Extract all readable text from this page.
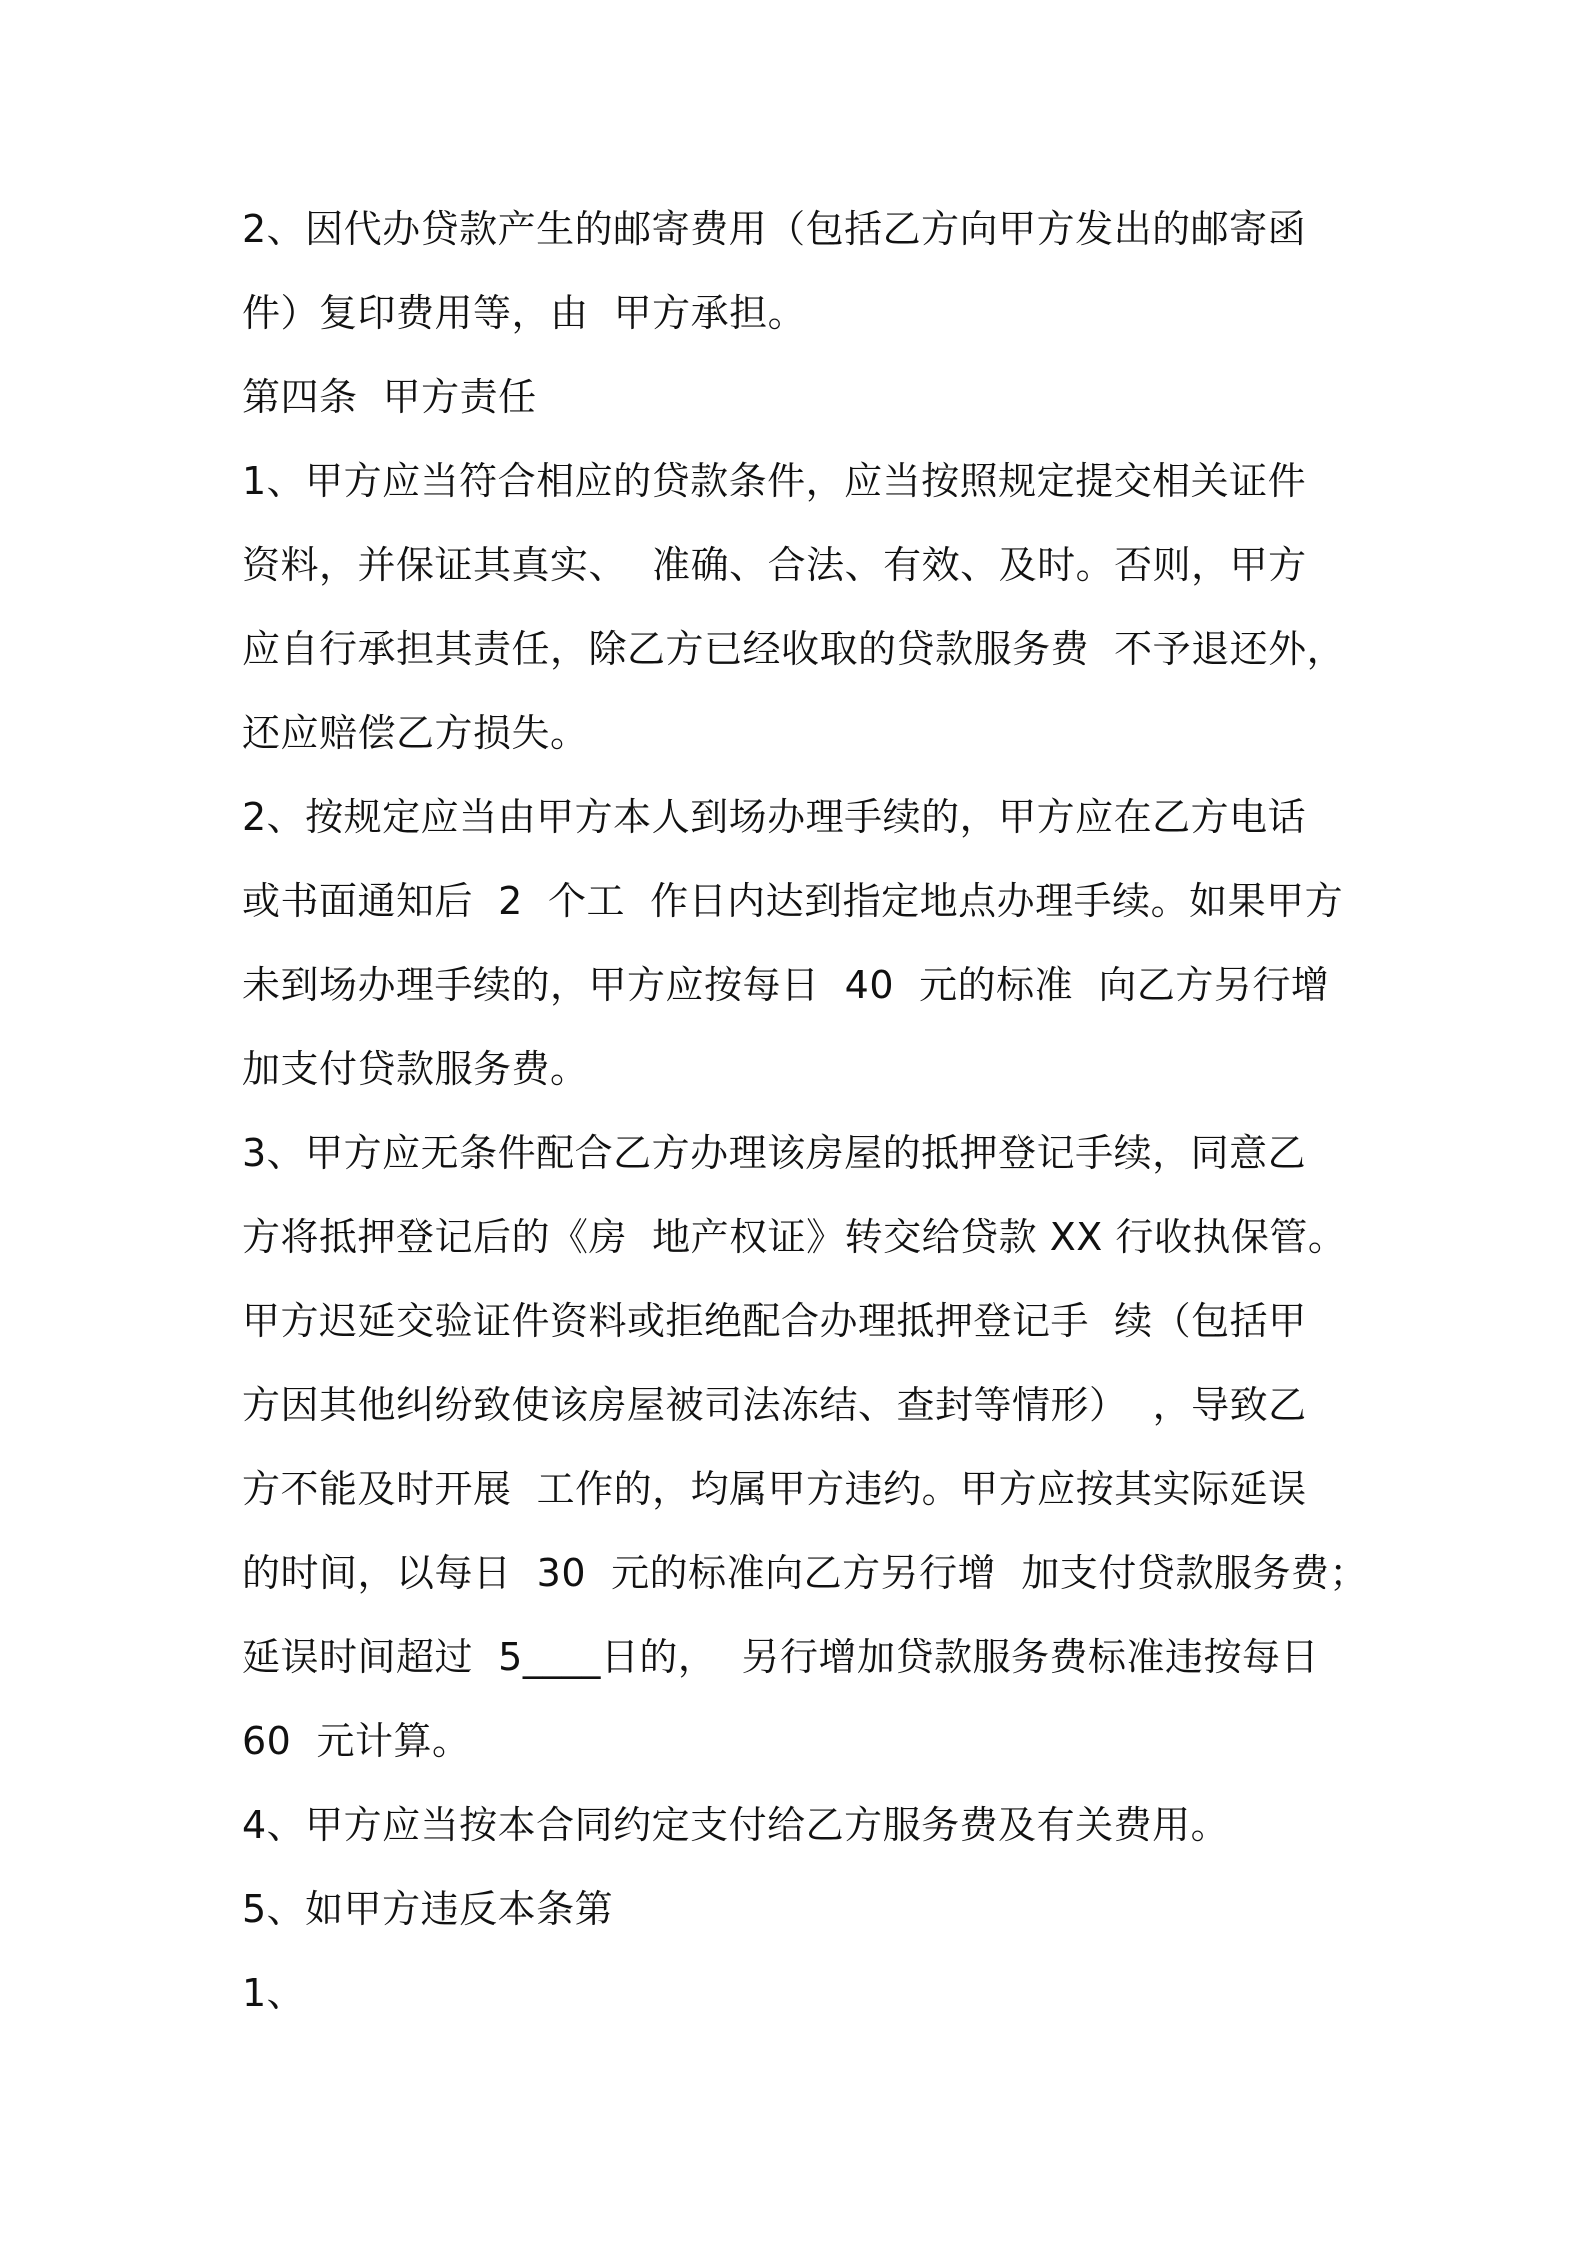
2、因代办贷款产生的邮寄费用（包括乙方向甲方发出的邮寄函

件）复印费用等，由  甲方承担。

第四条  甲方责任

1、甲方应当符合相应的贷款条件，应当按照规定提交相关证件

资料，并保证其真实、  准确、合法、有效、及时。否则，甲方

应自行承担其责任，除乙方已经收取的贷款服务费  不予退还外，

还应赔偿乙方损失。

2、按规定应当由甲方本人到场办理手续的，甲方应在乙方电话

或书面通知后  2  个工  作日内达到指定地点办理手续。如果甲方

未到场办理手续的，甲方应按每日  40  元的标准  向乙方另行增

加支付贷款服务费。

3、甲方应无条件配合乙方办理该房屋的抵押登记手续，同意乙

方将抵押登记后的《房  地产权证》转交给贷款 XX 行收执保管。

甲方迟延交验证件资料或拒绝配合办理抵押登记手  续（包括甲

方因其他纠纷致使该房屋被司法冻结、查封等情形）  ，导致乙

方不能及时开展  工作的，均属甲方违约。甲方应按其实际延误

的时间，以每日  30  元的标准向乙方另行增  加支付贷款服务费；

延误时间超过  5____日的，  另行增加贷款服务费标准违按每日

60  元计算。

4、甲方应当按本合同约定支付给乙方服务费及有关费用。

5、如甲方违反本条第

1、
